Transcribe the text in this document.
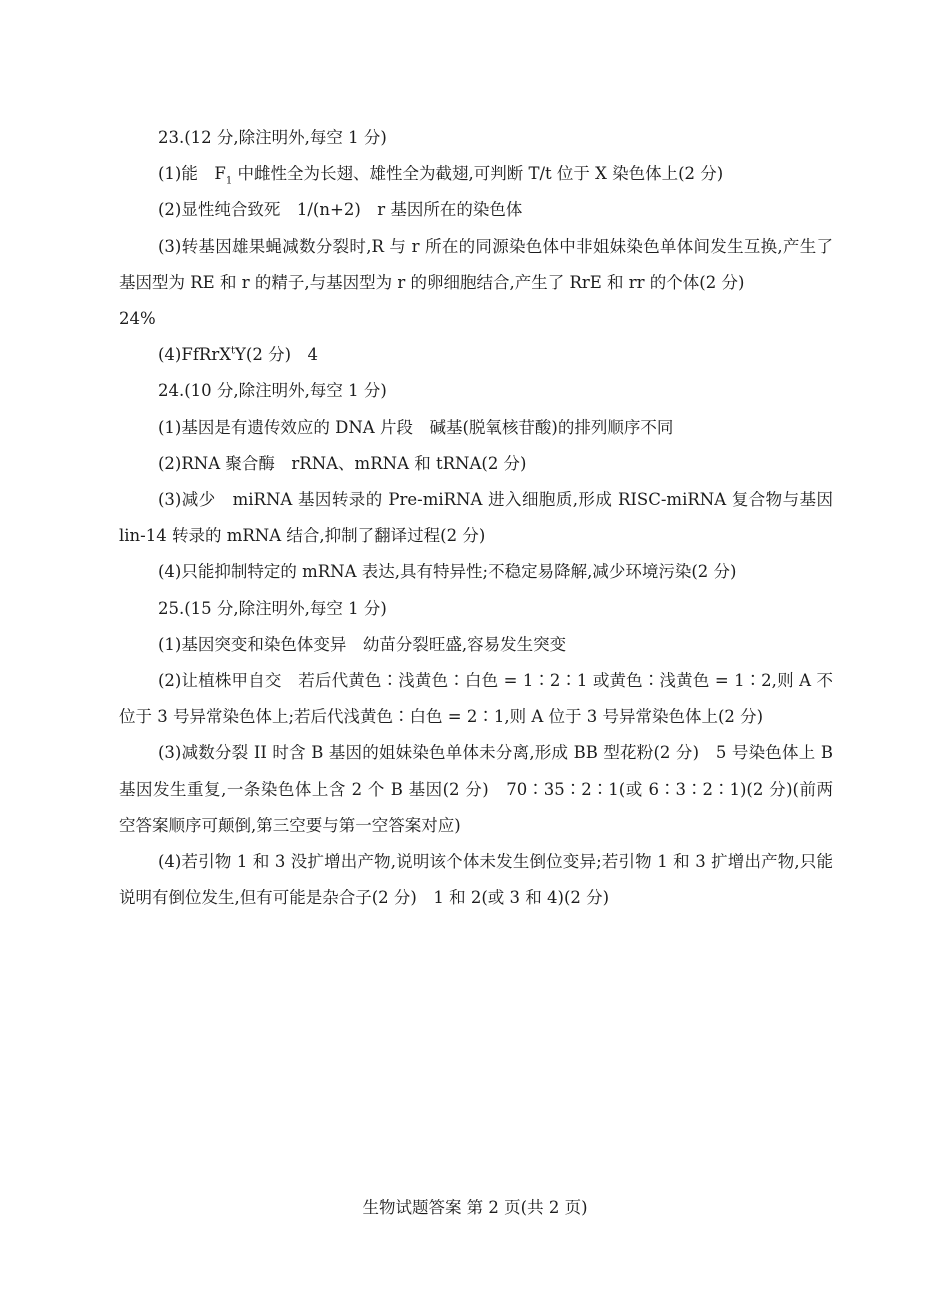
23.(12 分,除注明外,每空 1 分)

(1)能　$F_1$ 中雌性全为长翅、雄性全为截翅,可判断 T/t 位于 X 染色体上(2 分)

(2)显性纯合致死　1/(n+2)　r 基因所在的染色体

(3)转基因雄果蝇减数分裂时,R 与 r 所在的同源染色体中非姐妹染色单体间发生互换,产生了基因型为 RE 和 r 的精子,与基因型为 r 的卵细胞结合,产生了 RrE 和 rr 的个体(2 分)

24%

(4)FfRrX$^t$Y(2 分)　4

24.(10 分,除注明外,每空 1 分)

(1)基因是有遗传效应的 DNA 片段　碱基(脱氧核苷酸)的排列顺序不同

(2)RNA 聚合酶　rRNA、mRNA 和 tRNA(2 分)

(3)减少　miRNA 基因转录的 Pre-miRNA 进入细胞质,形成 RISC-miRNA 复合物与基因 lin-14 转录的 mRNA 结合,抑制了翻译过程(2 分)

(4)只能抑制特定的 mRNA 表达,具有特异性;不稳定易降解,减少环境污染(2 分)

25.(15 分,除注明外,每空 1 分)

(1)基因突变和染色体变异　幼苗分裂旺盛,容易发生突变

(2)让植株甲自交　若后代黄色∶浅黄色∶白色 = 1∶2∶1 或黄色∶浅黄色 = 1∶2,则 A 不位于 3 号异常染色体上;若后代浅黄色∶白色 = 2∶1,则 A 位于 3 号异常染色体上(2 分)

(3)减数分裂 II 时含 B 基因的姐妹染色单体未分离,形成 BB 型花粉(2 分)　5 号染色体上 B 基因发生重复,一条染色体上含 2 个 B 基因(2 分)　70∶35∶2∶1(或 6∶3∶2∶1)(2 分)(前两空答案顺序可颠倒,第三空要与第一空答案对应)

(4)若引物 1 和 3 没扩增出产物,说明该个体未发生倒位变异;若引物 1 和 3 扩增出产物,只能说明有倒位发生,但有可能是杂合子(2 分)　1 和 2(或 3 和 4)(2 分)

生物试题答案 第 2 页(共 2 页)
